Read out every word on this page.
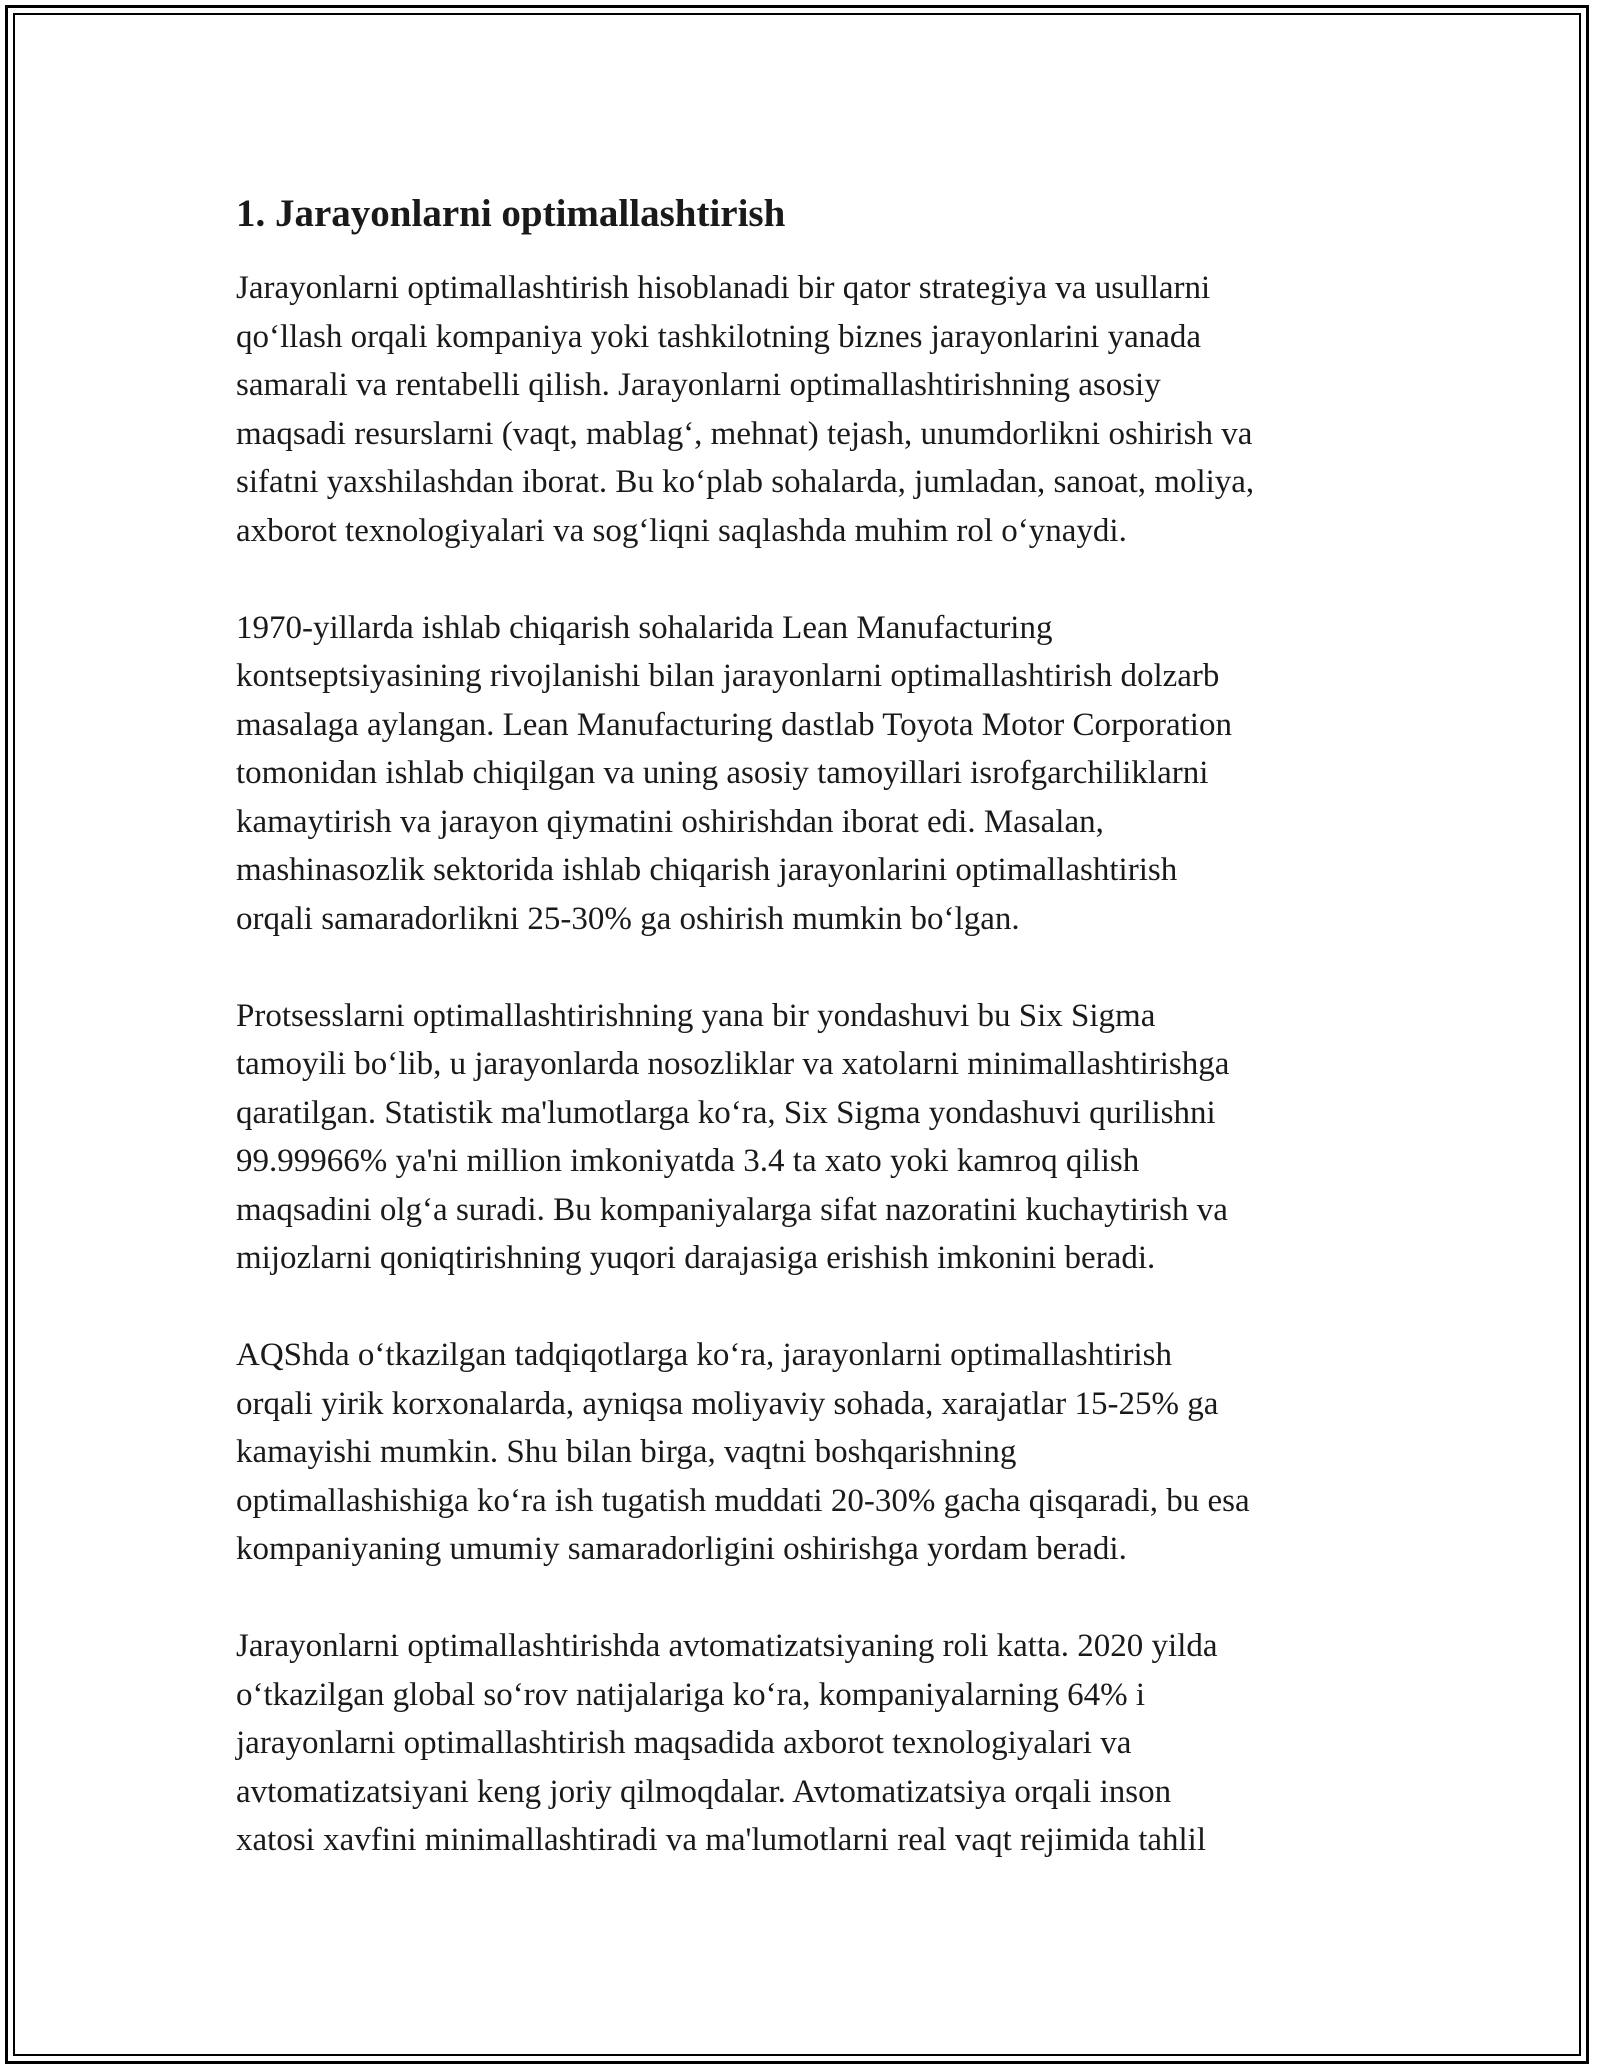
1. Jarayonlarni optimallashtirish
Jarayonlarni optimallashtirish hisoblanadi bir qator strategiya va usullarni
qo‘llash orqali kompaniya yoki tashkilotning biznes jarayonlarini yanada
samarali va rentabelli qilish. Jarayonlarni optimallashtirishning asosiy
maqsadi resurslarni (vaqt, mablag‘, mehnat) tejash, unumdorlikni oshirish va
sifatni yaxshilashdan iborat. Bu ko‘plab sohalarda, jumladan, sanoat, moliya,
axborot texnologiyalari va sog‘liqni saqlashda muhim rol o‘ynaydi.
1970-yillarda ishlab chiqarish sohalarida Lean Manufacturing
kontseptsiyasining rivojlanishi bilan jarayonlarni optimallashtirish dolzarb
masalaga aylangan. Lean Manufacturing dastlab Toyota Motor Corporation
tomonidan ishlab chiqilgan va uning asosiy tamoyillari isrofgarchiliklarni
kamaytirish va jarayon qiymatini oshirishdan iborat edi. Masalan,
mashinasozlik sektorida ishlab chiqarish jarayonlarini optimallashtirish
orqali samaradorlikni 25-30% ga oshirish mumkin bo‘lgan.
Protsesslarni optimallashtirishning yana bir yondashuvi bu Six Sigma
tamoyili bo‘lib, u jarayonlarda nosozliklar va xatolarni minimallashtirishga
qaratilgan. Statistik ma'lumotlarga ko‘ra, Six Sigma yondashuvi qurilishni
99.99966% ya'ni million imkoniyatda 3.4 ta xato yoki kamroq qilish
maqsadini olg‘a suradi. Bu kompaniyalarga sifat nazoratini kuchaytirish va
mijozlarni qoniqtirishning yuqori darajasiga erishish imkonini beradi.
AQShda o‘tkazilgan tadqiqotlarga ko‘ra, jarayonlarni optimallashtirish
orqali yirik korxonalarda, ayniqsa moliyaviy sohada, xarajatlar 15-25% ga
kamayishi mumkin. Shu bilan birga, vaqtni boshqarishning
optimallashishiga ko‘ra ish tugatish muddati 20-30% gacha qisqaradi, bu esa
kompaniyaning umumiy samaradorligini oshirishga yordam beradi.
Jarayonlarni optimallashtirishda avtomatizatsiyaning roli katta. 2020 yilda
o‘tkazilgan global so‘rov natijalariga ko‘ra, kompaniyalarning 64% i
jarayonlarni optimallashtirish maqsadida axborot texnologiyalari va
avtomatizatsiyani keng joriy qilmoqdalar. Avtomatizatsiya orqali inson
xatosi xavfini minimallashtiradi va ma'lumotlarni real vaqt rejimida tahlil
